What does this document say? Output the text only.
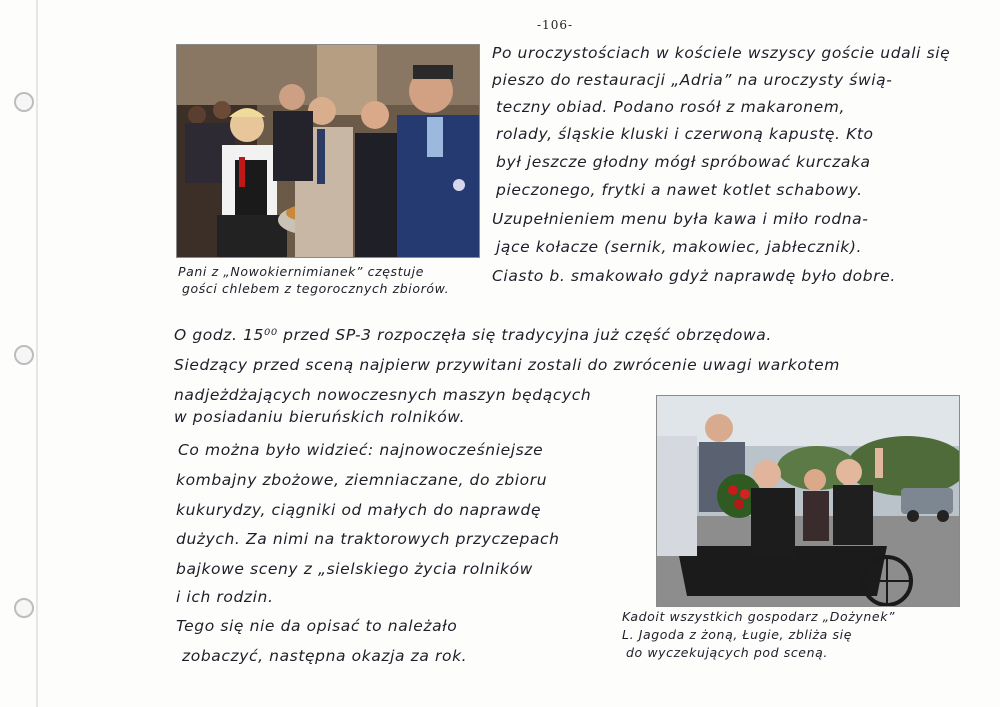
-106-
Pani z „Nowokiernimianek” częstuje
gości chlebem z tegorocznych zbiorów.
Po uroczystościach w kościele wszyscy goście udali się
pieszo do restauracji „Adria” na uroczysty świą-
teczny obiad. Podano rosół z makaronem,
rolady, śląskie kluski i czerwoną kapustę. Kto
był jeszcze głodny mógł spróbować kurczaka
pieczonego, frytki a nawet kotlet schabowy.
Uzupełnieniem menu była kawa i miło rodna-
jące kołacze (sernik, makowiec, jabłecznik).
Ciasto b. smakowało gdyż naprawdę było dobre.
O godz. 15⁰⁰ przed SP-3 rozpoczęła się tradycyjna już część obrzędowa.
Siedzący przed sceną najpierw przywitani zostali do zwrócenie uwagi warkotem
nadjeżdżających nowoczesnych maszyn będących
w posiadaniu bieruńskich rolników.
Co można było widzieć: najnowocześniejsze
kombajny zbożowe, ziemniaczane, do zbioru
kukurydzy, ciągniki od małych do naprawdę
dużych. Za nimi na traktorowych przyczepach
bajkowe sceny z „sielskiego życia rolników
i ich rodzin.
Tego się nie da opisać to należało
zobaczyć, następna okazja za rok.
Kadoit wszystkich gospodarz „Dożynek”
L. Jagoda z żoną, Ługie, zbliża się
do wyczekujących pod sceną.
